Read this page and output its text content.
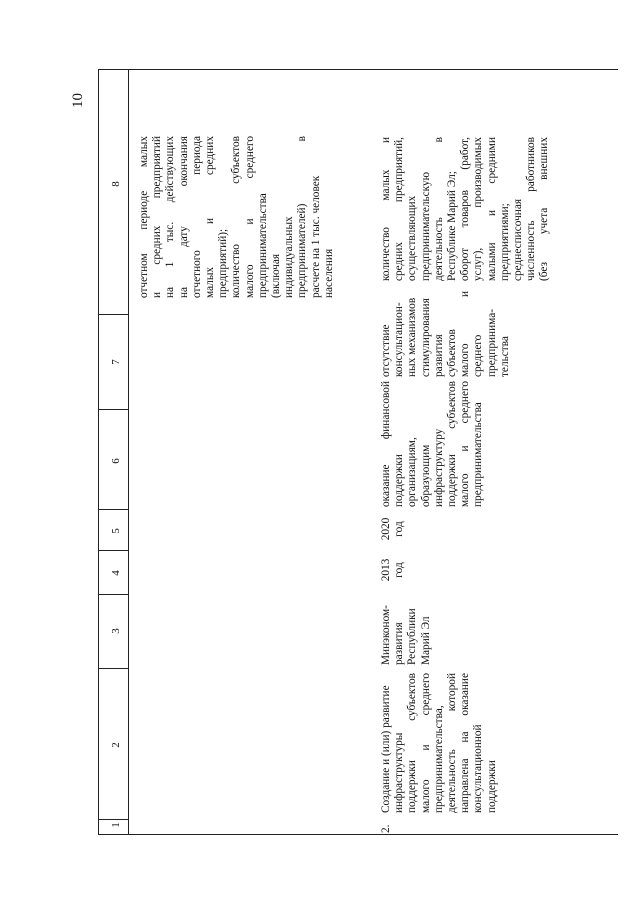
10
1
2
3
4
5
6
7
8 отчетном периоде малых и средних предприятий на 1 тыс. действующих на дату окончания отчетного периода малых и средних предприятий); количество субъектов малого и среднего предпринимательства (включая индивидуальных предпринимателей) в расчете на 1 тыс. человек населения
2.
Создание и (или) развитие инфраструктуры поддержки субъектов малого и среднего предпринимательства, деятельность которой направлена на оказание консультационной поддержки
Минэконом- развития Республики Марий Эл
2013 год
2020 год
оказание финансовой поддержки организациям, образующим инфраструктуру поддержки субъектов малого и среднего предпринимательства
отсутствие консультацион- ных механизмов стимулирования развития субъектов малого и среднего предпринима- тельства
количество малых и средних предприятий, осуществляющих предпринимательскую деятельность в Республике Марий Эл; оборот товаров (работ, услуг), производимых малыми и средними предприятиями; среднесписочная численность работников (без учета внешних
